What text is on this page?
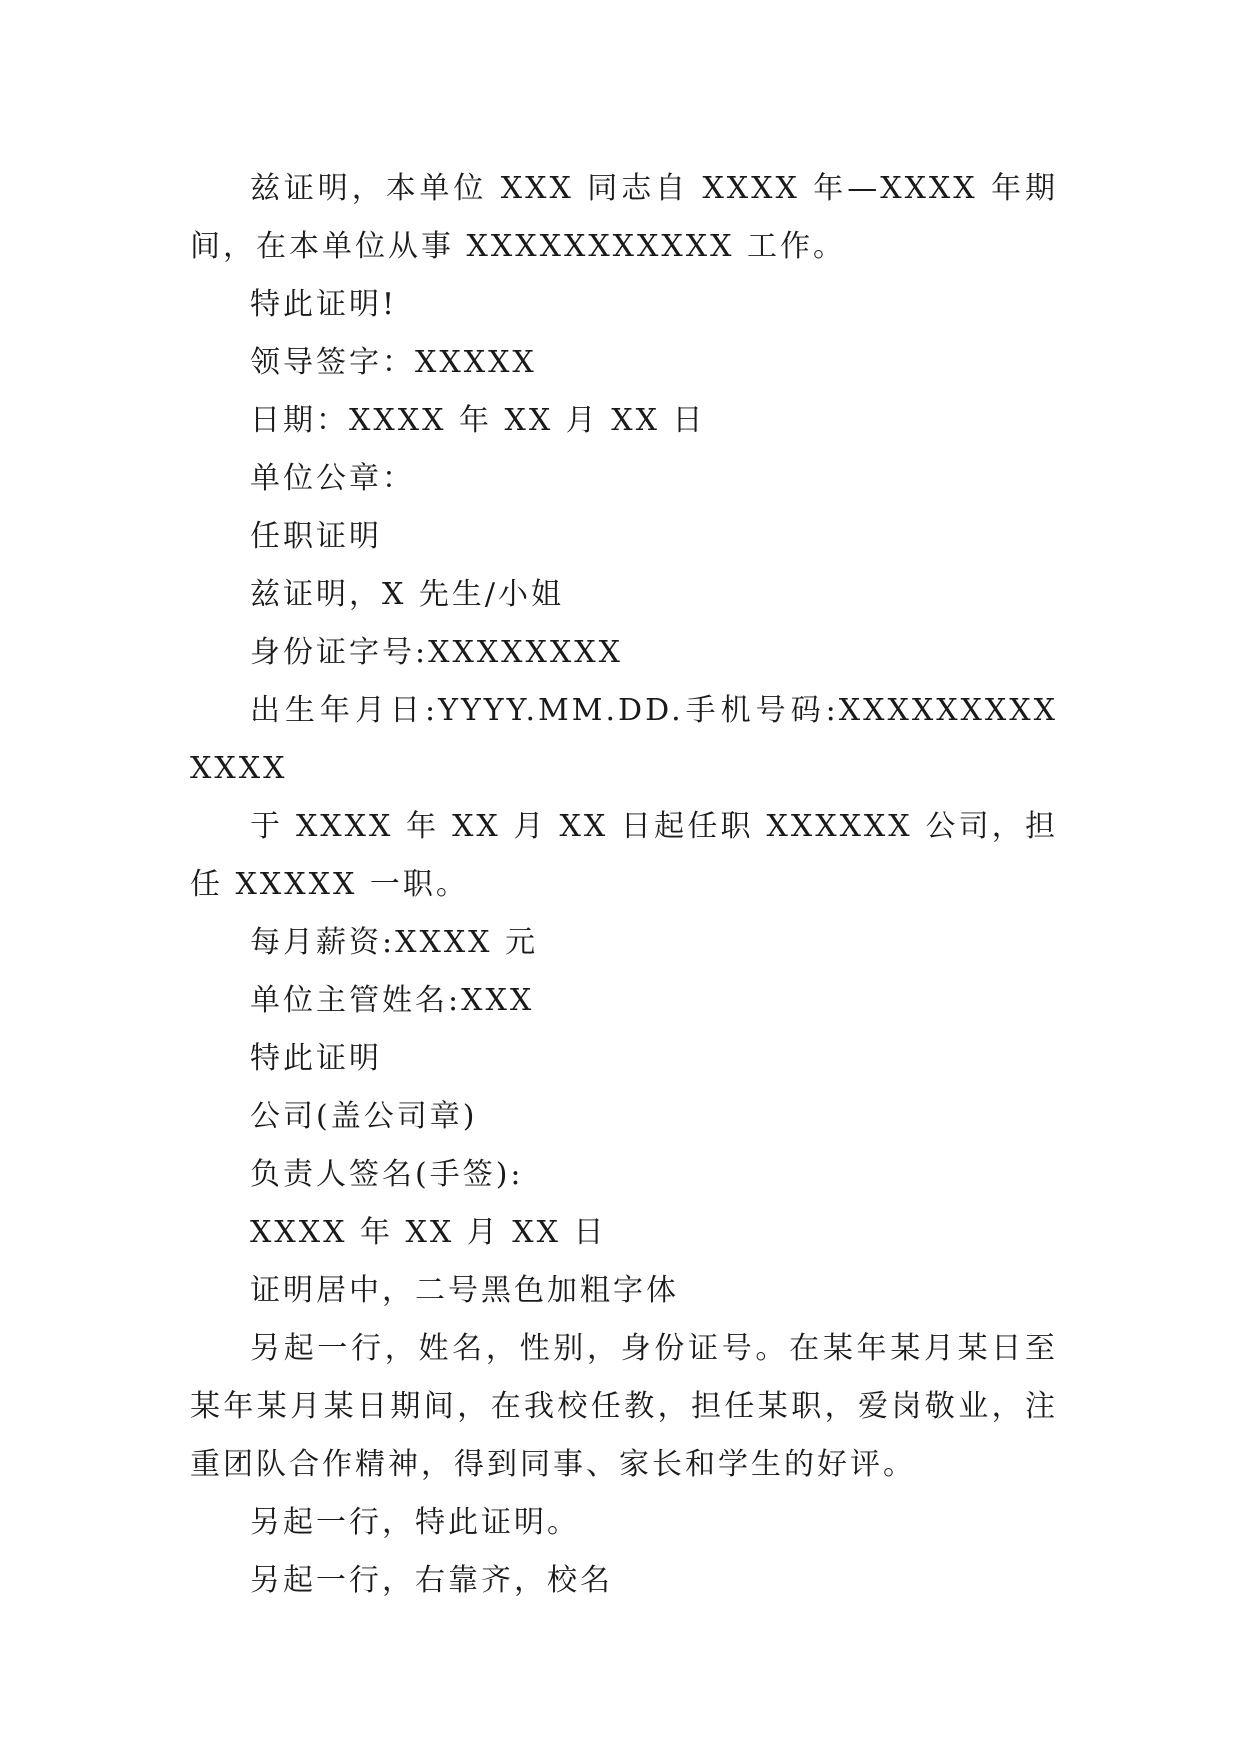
兹证明，本单位 XXX 同志自 XXXX 年—XXXX 年期间，在本单位从事 XXXXXXXXXXX 工作。

特此证明!

领导签字：XXXXX

日期：XXXX 年 XX 月 XX 日

单位公章：

任职证明

兹证明，X 先生/小姐

身份证字号:XXXXXXXX

出生年月日:YYYY.MM.DD.手机号码:XXXXXXXXXXXXX

于 XXXX 年 XX 月 XX 日起任职 XXXXXX 公司，担任 XXXXX 一职。

每月薪资:XXXX 元

单位主管姓名:XXX

特此证明

公司(盖公司章)

负责人签名(手签):

XXXX 年 XX 月 XX 日

证明居中，二号黑色加粗字体

另起一行，姓名，性别，身份证号。在某年某月某日至某年某月某日期间，在我校任教，担任某职，爱岗敬业，注重团队合作精神，得到同事、家长和学生的好评。

另起一行，特此证明。

另起一行，右靠齐，校名
